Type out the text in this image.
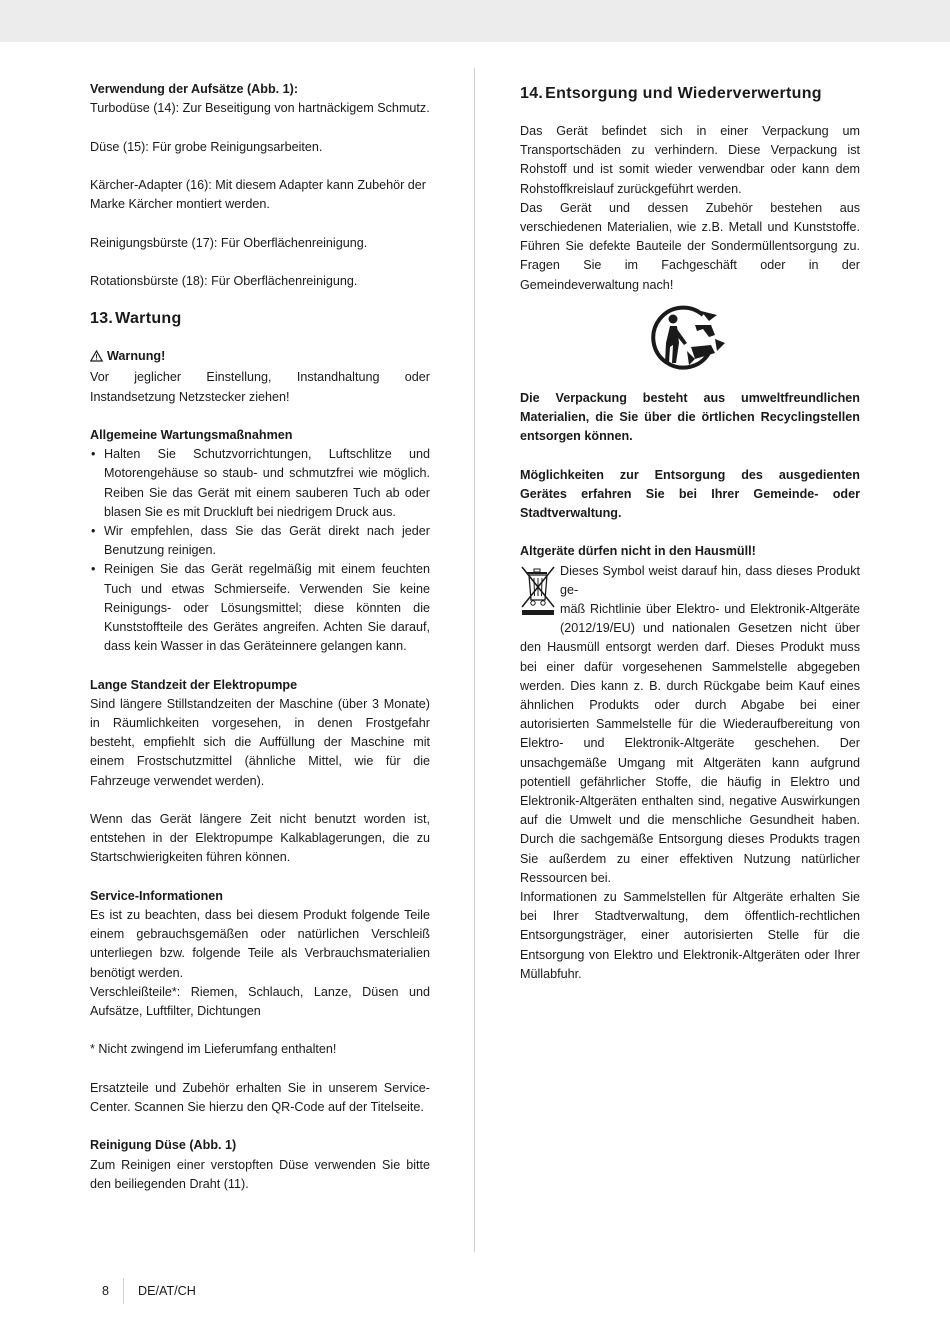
Verwendung der Aufsätze (Abb. 1):

Turbodüse (14): Zur Beseitigung von hartnäckigem Schmutz.

Düse (15): Für grobe Reinigungsarbeiten.

Kärcher-Adapter (16): Mit diesem Adapter kann Zubehör der

Marke Kärcher montiert werden.

Reinigungsbürste (17): Für Oberflächenreinigung.

Rotationsbürste (18): Für Oberflächenreinigung.

13. Wartung

Warnung!

Vor jeglicher Einstellung, Instandhaltung oder Instandsetzung Netzstecker ziehen!

Allgemeine Wartungsmaßnahmen

• Halten Sie Schutzvorrichtungen, Luftschlitze und Motorengehäuse so staub- und schmutzfrei wie möglich. Reiben Sie das Gerät mit einem sauberen Tuch ab oder blasen Sie es mit Druckluft bei niedrigem Druck aus.
• Wir empfehlen, dass Sie das Gerät direkt nach jeder Benutzung reinigen.
• Reinigen Sie das Gerät regelmäßig mit einem feuchten Tuch und etwas Schmierseife. Verwenden Sie keine Reinigungs- oder Lösungsmittel; diese könnten die Kunststoffteile des Gerätes angreifen. Achten Sie darauf, dass kein Wasser in das Geräteinnere gelangen kann.

Lange Standzeit der Elektropumpe

Sind längere Stillstandzeiten der Maschine (über 3 Monate) in Räumlichkeiten vorgesehen, in denen Frostgefahr besteht, empfiehlt sich die Auffüllung der Maschine mit einem Frostschutzmittel (ähnliche Mittel, wie für die Fahrzeuge verwendet werden).

Wenn das Gerät längere Zeit nicht benutzt worden ist, entstehen in der Elektropumpe Kalkablagerungen, die zu Startschwierigkeiten führen können.

Service-Informationen

Es ist zu beachten, dass bei diesem Produkt folgende Teile einem gebrauchsgemäßen oder natürlichen Verschleiß unterliegen bzw. folgende Teile als Verbrauchsmaterialien benötigt werden.

Verschleißteile*: Riemen, Schlauch, Lanze, Düsen und Aufsätze, Luftfilter, Dichtungen

* Nicht zwingend im Lieferumfang enthalten!

Ersatzteile und Zubehör erhalten Sie in unserem Service-Center. Scannen Sie hierzu den QR-Code auf der Titelseite.

Reinigung Düse (Abb. 1)

Zum Reinigen einer verstopften Düse verwenden Sie bitte den beiliegenden Draht (11).

14. Entsorgung und Wiederverwertung

Das Gerät befindet sich in einer Verpackung um Transportschäden zu verhindern. Diese Verpackung ist Rohstoff und ist somit wieder verwendbar oder kann dem Rohstoffkreislauf zurückgeführt werden.

Das Gerät und dessen Zubehör bestehen aus verschiedenen Materialien, wie z.B. Metall und Kunststoffe. Führen Sie defekte Bauteile der Sondermüllentsorgung zu. Fragen Sie im Fachgeschäft oder in der Gemeindeverwaltung nach!

Die Verpackung besteht aus umweltfreundlichen Materialien, die Sie über die örtlichen Recyclingstellen entsorgen können.

Möglichkeiten zur Entsorgung des ausgedienten Gerätes erfahren Sie bei Ihrer Gemeinde- oder Stadtverwaltung.

Altgeräte dürfen nicht in den Hausmüll!

Dieses Symbol weist darauf hin, dass dieses Produkt ge-

mäß Richtlinie über Elektro- und Elektronik-Altgeräte

(2012/19/EU) und nationalen Gesetzen nicht über

den Hausmüll entsorgt werden darf. Dieses Produkt muss bei einer dafür vorgesehenen Sammelstelle abgegeben werden. Dies kann z. B. durch Rückgabe beim Kauf eines ähnlichen Produkts oder durch Abgabe bei einer autorisierten Sammelstelle für die Wiederaufbereitung von Elektro- und Elektronik-Altgeräte geschehen. Der unsachgemäße Umgang mit Altgeräten kann aufgrund potentiell gefährlicher Stoffe, die häufig in Elektro und Elektronik-Altgeräten enthalten sind, negative Auswirkungen auf die Umwelt und die menschliche Gesundheit haben. Durch die sachgemäße Entsorgung dieses Produkts tragen Sie außerdem zu einer effektiven Nutzung natürlicher Ressourcen bei.

Informationen zu Sammelstellen für Altgeräte erhalten Sie bei Ihrer Stadtverwaltung, dem öffentlich-rechtlichen Entsorgungsträger, einer autorisierten Stelle für die Entsorgung von Elektro und Elektronik-Altgeräten oder Ihrer Müllabfuhr.

8 DE/AT/CH
